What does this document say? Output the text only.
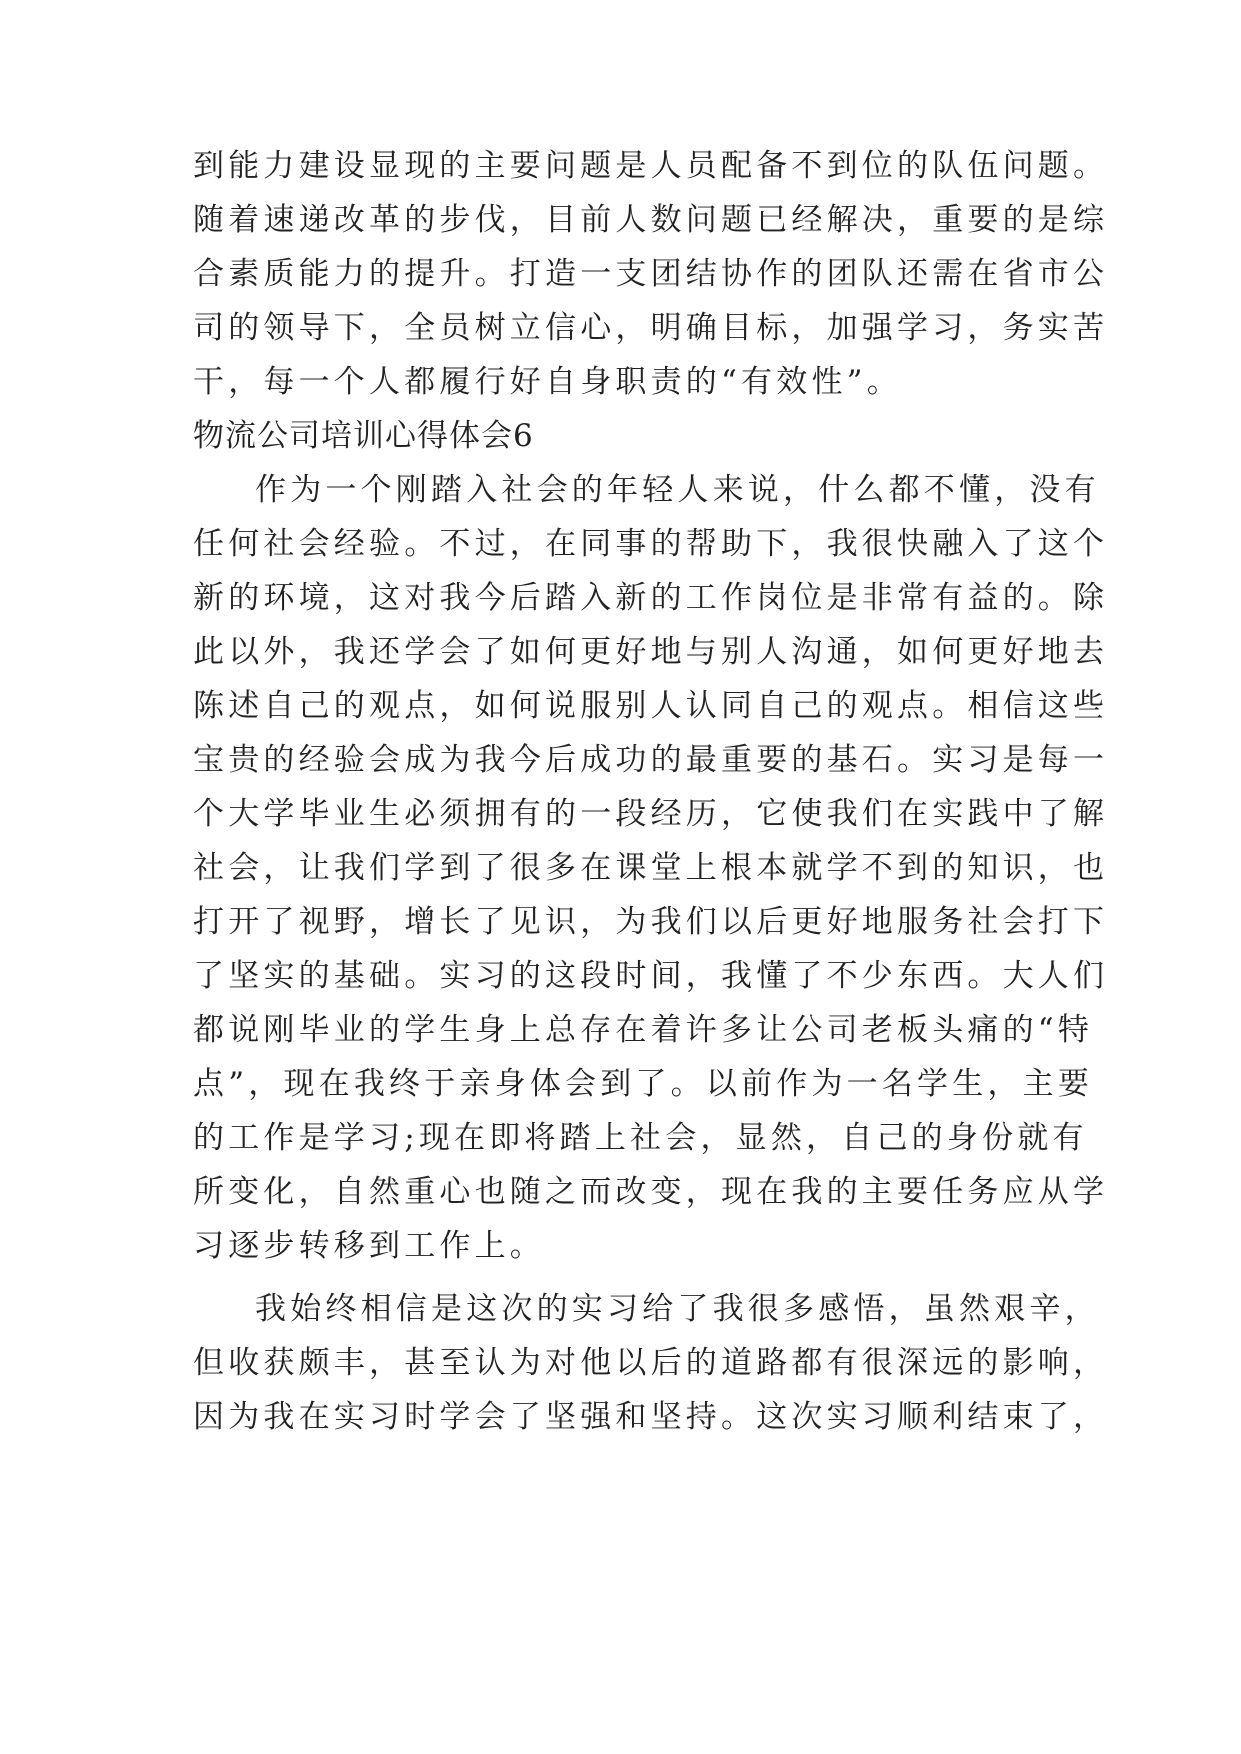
到能力建设显现的主要问题是人员配备不到位的队伍问题。
随着速递改革的步伐，目前人数问题已经解决，重要的是综
合素质能力的提升。打造一支团结协作的团队还需在省市公
司的领导下，全员树立信心，明确目标，加强学习，务实苦
干，每一个人都履行好自身职责的“有效性”。
物流公司培训心得体会6
作为一个刚踏入社会的年轻人来说，什么都不懂，没有
任何社会经验。不过，在同事的帮助下，我很快融入了这个
新的环境，这对我今后踏入新的工作岗位是非常有益的。除
此以外，我还学会了如何更好地与别人沟通，如何更好地去
陈述自己的观点，如何说服别人认同自己的观点。相信这些
宝贵的经验会成为我今后成功的最重要的基石。实习是每一
个大学毕业生必须拥有的一段经历，它使我们在实践中了解
社会，让我们学到了很多在课堂上根本就学不到的知识，也
打开了视野，增长了见识，为我们以后更好地服务社会打下
了坚实的基础。实习的这段时间，我懂了不少东西。大人们
都说刚毕业的学生身上总存在着许多让公司老板头痛的“特
点”，现在我终于亲身体会到了。以前作为一名学生，主要
的工作是学习;现在即将踏上社会，显然，自己的身份就有
所变化，自然重心也随之而改变，现在我的主要任务应从学
习逐步转移到工作上。
我始终相信是这次的实习给了我很多感悟，虽然艰辛，
但收获颇丰，甚至认为对他以后的道路都有很深远的影响，
因为我在实习时学会了坚强和坚持。这次实习顺利结束了，
